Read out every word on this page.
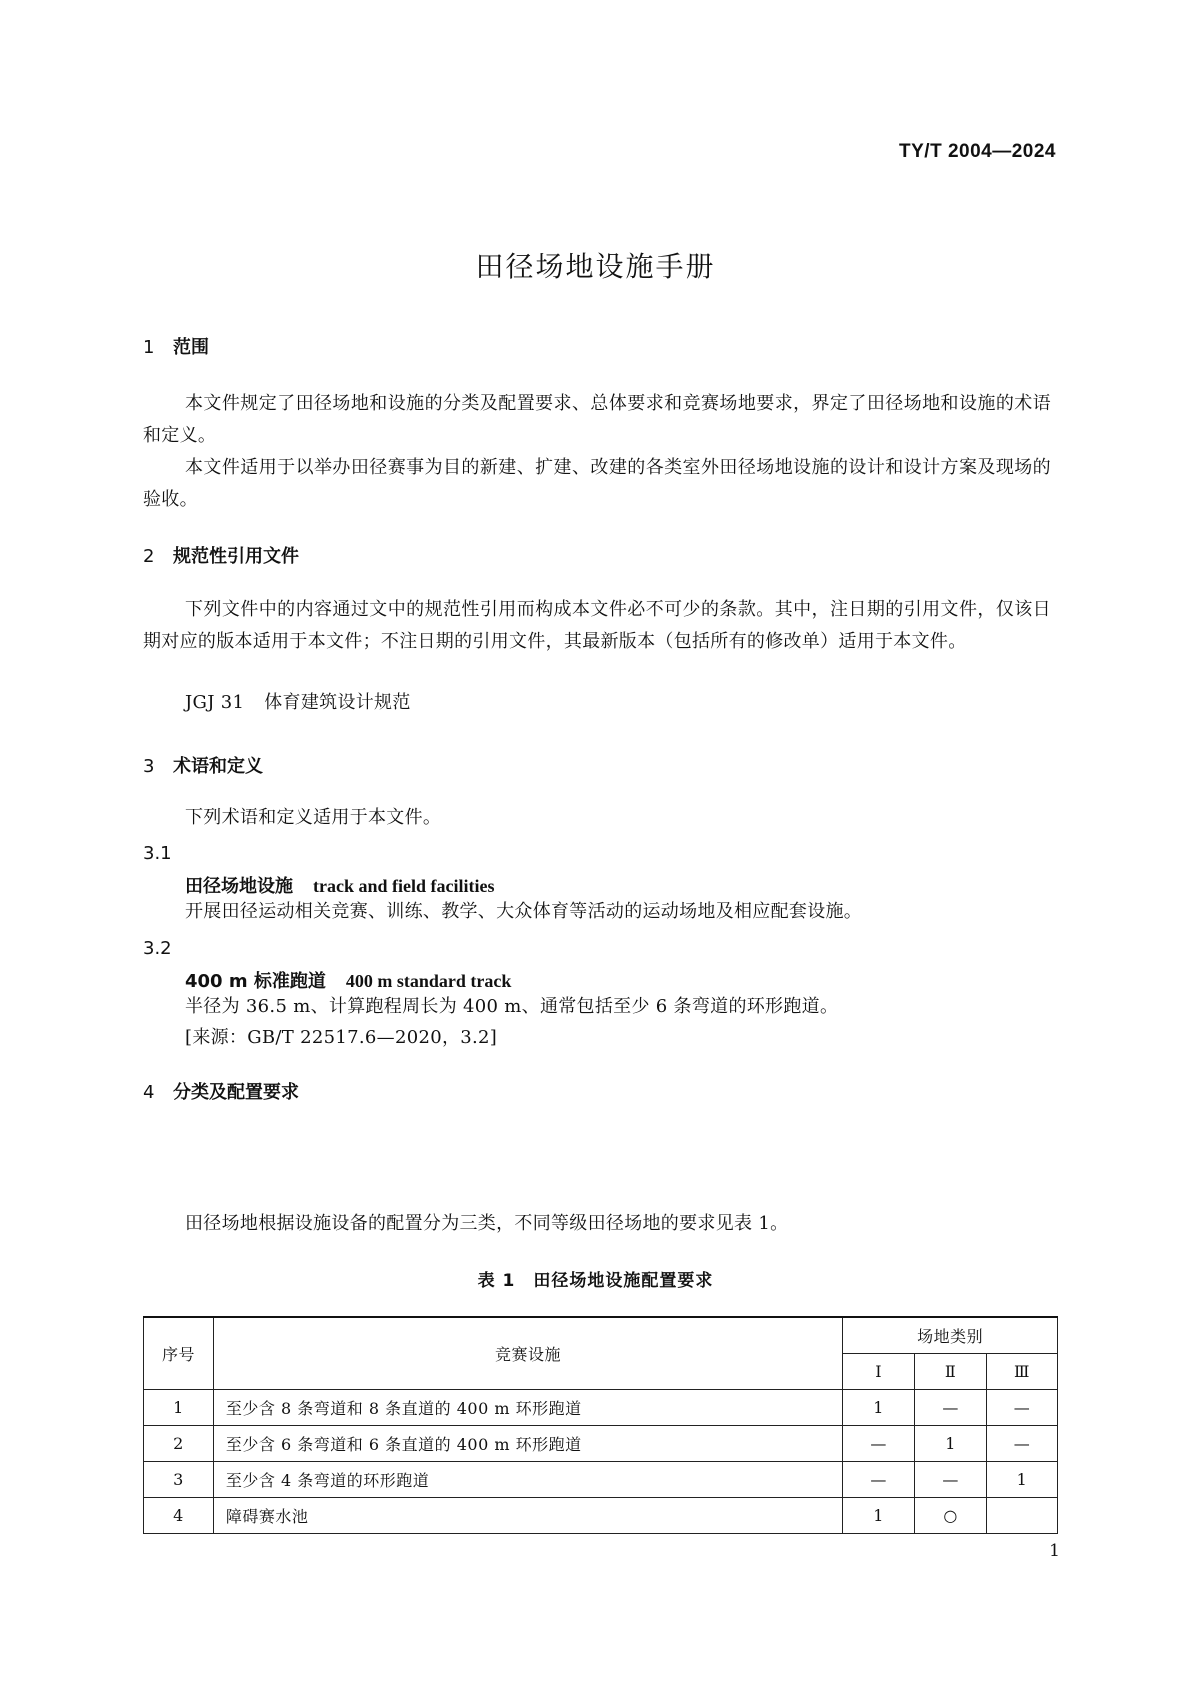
TY/T 2004—2024
田径场地设施手册
1 范围
本文件规定了田径场地和设施的分类及配置要求、总体要求和竞赛场地要求，界定了田径场地和设施的术语和定义。
本文件适用于以举办田径赛事为目的新建、扩建、改建的各类室外田径场地设施的设计和设计方案及现场的验收。
2 规范性引用文件
下列文件中的内容通过文中的规范性引用而构成本文件必不可少的条款。其中，注日期的引用文件，仅该日期对应的版本适用于本文件；不注日期的引用文件，其最新版本（包括所有的修改单）适用于本文件。
JGJ 31 体育建筑设计规范
3 术语和定义
下列术语和定义适用于本文件。
3.1
田径场地设施 track and field facilities
开展田径运动相关竞赛、训练、教学、大众体育等活动的运动场地及相应配套设施。
3.2
400 m 标准跑道 400 m standard track
半径为 36.5 m、计算跑程周长为 400 m、通常包括至少 6 条弯道的环形跑道。
[来源：GB/T 22517.6—2020，3.2]
4 分类及配置要求
田径场地根据设施设备的配置分为三类，不同等级田径场地的要求见表 1。
表 1　田径场地设施配置要求
序号	竞赛设施	场地类别		
		Ⅰ	Ⅱ	Ⅲ
1	至少含 8 条弯道和 8 条直道的 400 m 环形跑道	1	—	—
2	至少含 6 条弯道和 6 条直道的 400 m 环形跑道	—	1	—
3	至少含 4 条弯道的环形跑道	—	—	1
4	障碍赛水池	1	○	
1
